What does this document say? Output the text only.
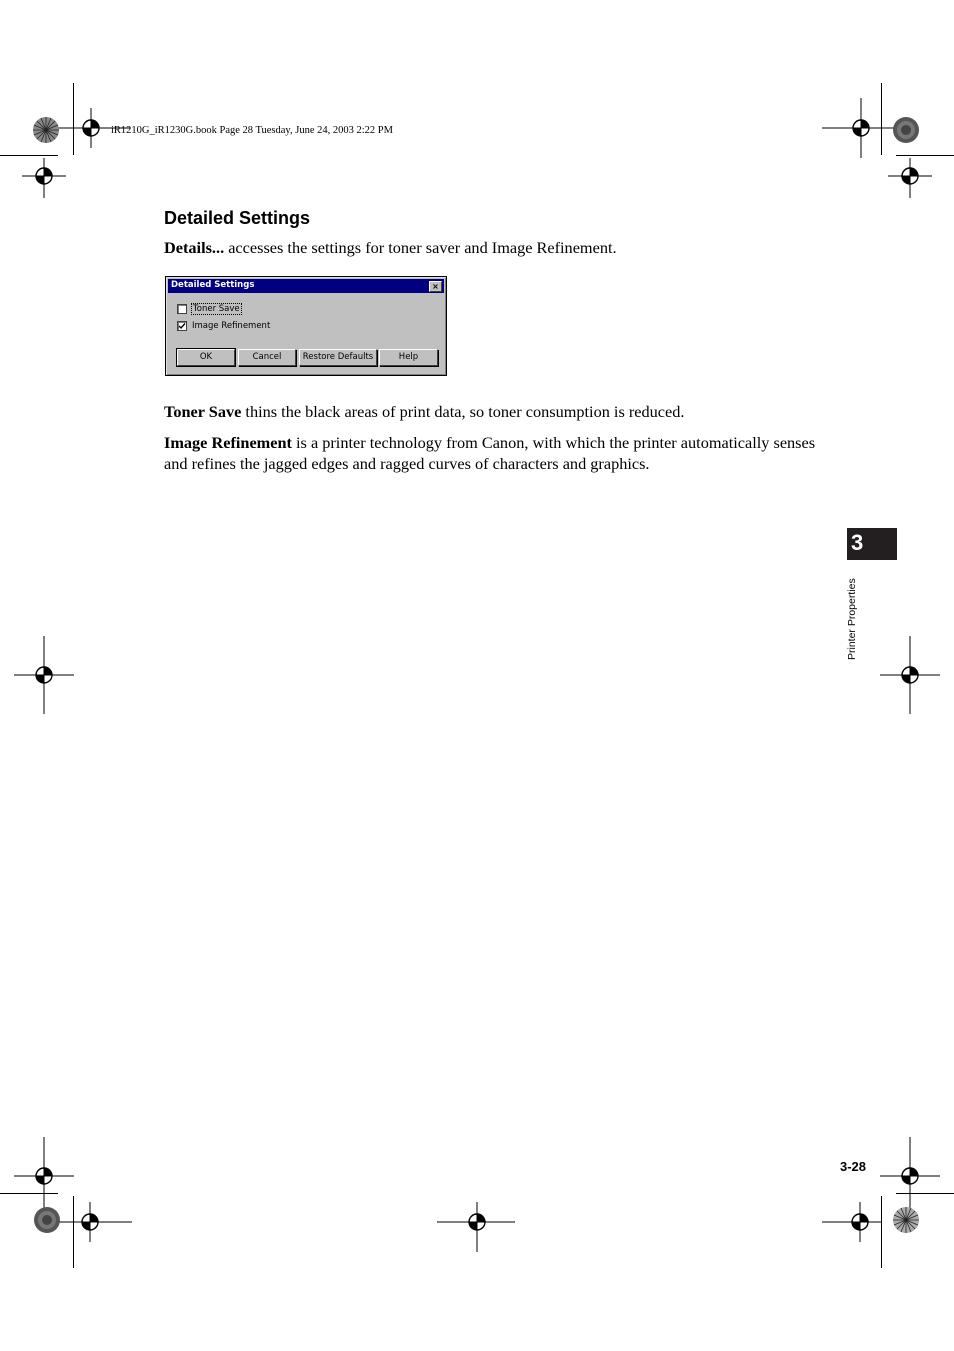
iR1210G_iR1230G.book Page 28 Tuesday, June 24, 2003 2:22 PM
Detailed Settings
Details... accesses the settings for toner saver and Image Refinement.
Detailed Settings	×
Toner Save
Image Refinement
OK	Cancel	Restore Defaults	Help
Toner Save thins the black areas of print data, so toner consumption is reduced.
Image Refinement is a printer technology from Canon, with which the printer automatically senses and refines the jagged edges and ragged curves of characters and graphics.
3
Printer Properties
3-28
